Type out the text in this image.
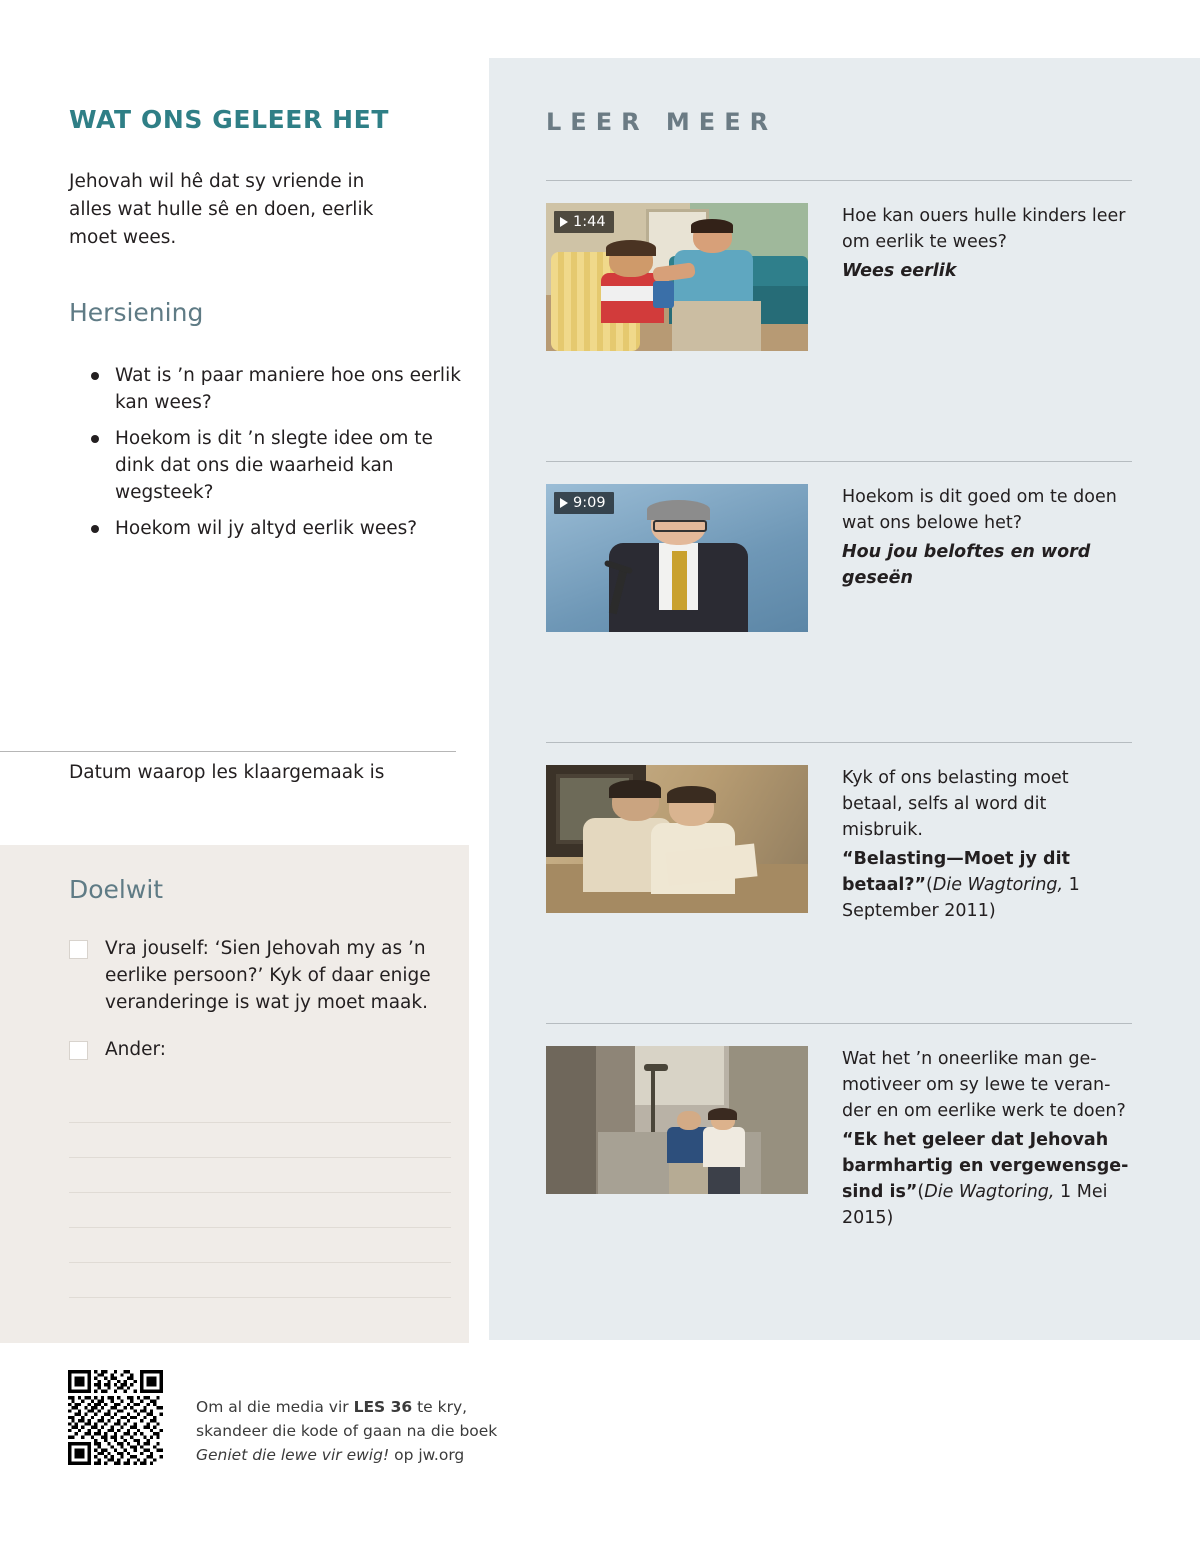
WAT ONS GELEER HET
Jehovah wil hê dat sy vriende in alles wat hulle sê en doen, eerlik moet wees.
Hersiening
Wat is ’n paar maniere hoe ons eerlik kan wees?
Hoekom is dit ’n slegte idee om te dink dat ons die waarheid kan wegsteek?
Hoekom wil jy altyd eerlik wees?
Datum waarop les klaargemaak is
Doelwit
Vra jouself: ‘Sien Jehovah my as ’n eerlike persoon?’ Kyk of daar enige veranderinge is wat jy moet maak.
Ander:
Om al die media vir LES 36 te kry,
skandeer die kode of gaan na die boek
Geniet die lewe vir ewig! op jw.org
LEER MEER
1:44	Hoe kan ouers hulle kinders leer om eerlik te wees?
Wees eerlik
9:09	Hoekom is dit goed om te doen wat ons belowe het?
Hou jou beloftes en word geseën
Kyk of ons belasting moet betaal, selfs al word dit misbruik.
“Belasting—Moet jy dit betaal?”(Die Wagtoring, 1 September 2011)
Wat het ’n oneerlike man ge-motiveer om sy lewe te veran-der en om eerlike werk te doen?
“Ek het geleer dat Jehovah barmhartig en vergewensge-sind is”(Die Wagtoring, 1 Mei 2015)
